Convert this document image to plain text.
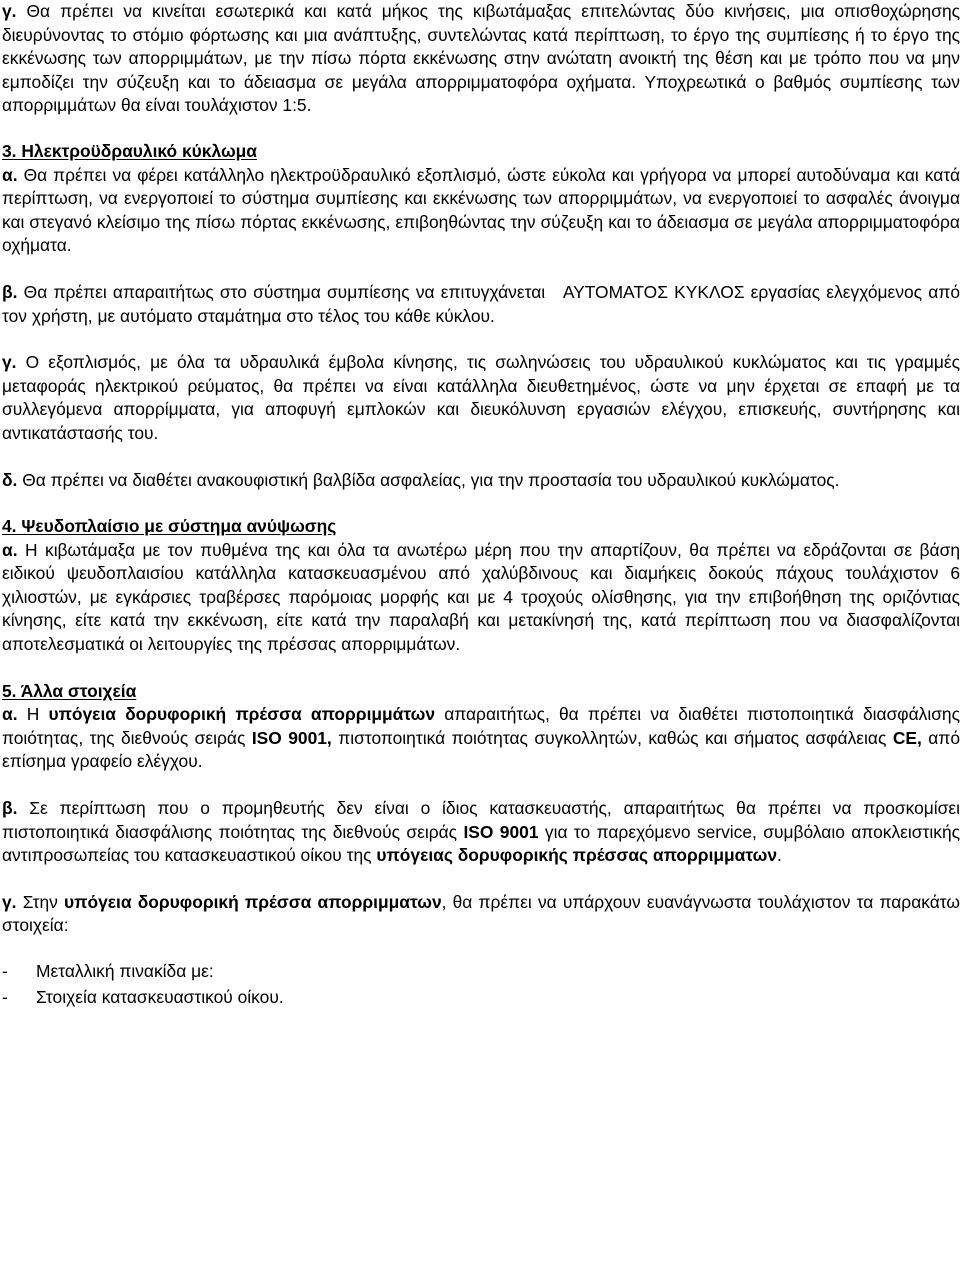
γ. Θα πρέπει να κινείται εσωτερικά και κατά μήκος της κιβωτάμαξας επιτελώντας δύο κινήσεις, μια οπισθοχώρησης διευρύνοντας το στόμιο φόρτωσης και μια ανάπτυξης, συντελώντας κατά περίπτωση, το έργο της συμπίεσης ή το έργο της εκκένωσης των απορριμμάτων, με την πίσω πόρτα εκκένωσης στην ανώτατη ανοικτή της θέση και με τρόπο που να μην εμποδίζει την σύζευξη και το άδειασμα σε μεγάλα απορριμματοφόρα οχήματα. Υποχρεωτικά ο βαθμός συμπίεσης των απορριμμάτων θα είναι τουλάχιστον 1:5.

3. Ηλεκτροϋδραυλικό κύκλωμα

α. Θα πρέπει να φέρει κατάλληλο ηλεκτροϋδραυλικό εξοπλισμό, ώστε εύκολα και γρήγορα να μπορεί αυτοδύναμα και κατά περίπτωση, να ενεργοποιεί το σύστημα συμπίεσης και εκκένωσης των απορριμμάτων, να ενεργοποιεί το ασφαλές άνοιγμα και στεγανό κλείσιμο της πίσω πόρτας εκκένωσης, επιβοηθώντας την σύζευξη και το άδειασμα σε μεγάλα απορριμματοφόρα οχήματα.

β. Θα πρέπει απαραιτήτως στο σύστημα συμπίεσης να επιτυγχάνεται   ΑΥΤΟΜΑΤΟΣ ΚΥΚΛΟΣ εργασίας ελεγχόμενος από τον χρήστη, με αυτόματο σταμάτημα στο τέλος του κάθε κύκλου.

γ. Ο εξοπλισμός, με όλα τα υδραυλικά έμβολα κίνησης, τις σωληνώσεις του υδραυλικού κυκλώματος και τις γραμμές μεταφοράς ηλεκτρικού ρεύματος, θα πρέπει να είναι κατάλληλα διευθετημένος, ώστε να μην έρχεται σε επαφή με τα συλλεγόμενα απορρίμματα, για αποφυγή εμπλοκών και διευκόλυνση εργασιών ελέγχου, επισκευής, συντήρησης και αντικατάστασής του.

δ. Θα πρέπει να διαθέτει ανακουφιστική βαλβίδα ασφαλείας, για την προστασία του υδραυλικού κυκλώματος.

4. Ψευδοπλαίσιο με σύστημα ανύψωσης

α. Η κιβωτάμαξα με τον πυθμένα της και όλα τα ανωτέρω μέρη που την απαρτίζουν, θα πρέπει να εδράζονται σε βάση ειδικού ψευδοπλαισίου κατάλληλα κατασκευασμένου από χαλύβδινους και διαμήκεις δοκούς πάχους τουλάχιστον 6 χιλιοστών, με εγκάρσιες τραβέρσες παρόμοιας μορφής και με 4 τροχούς ολίσθησης, για την επιβοήθηση της οριζόντιας κίνησης, είτε κατά την εκκένωση, είτε κατά την παραλαβή και μετακίνησή της, κατά περίπτωση που να διασφαλίζονται αποτελεσματικά οι λειτουργίες της πρέσσας απορριμμάτων.

5. Άλλα στοιχεία

α. Η υπόγεια δορυφορική πρέσσα απορριμμάτων απαραιτήτως, θα πρέπει να διαθέτει πιστοποιητικά διασφάλισης ποιότητας, της διεθνούς σειράς ISO 9001, πιστοποιητικά ποιότητας συγκολλητών, καθώς και σήματος ασφάλειας CE, από επίσημα γραφείο ελέγχου.

β. Σε περίπτωση που ο προμηθευτής δεν είναι ο ίδιος κατασκευαστής, απαραιτήτως θα πρέπει να προσκομίσει πιστοποιητικά διασφάλισης ποιότητας της διεθνούς σειράς ISO 9001 για το παρεχόμενο service, συμβόλαιο αποκλειστικής αντιπροσωπείας του κατασκευαστικού οίκου της υπόγειας δορυφορικής πρέσσας απορριμματων.

γ. Στην υπόγεια δορυφορική πρέσσα απορριμματων, θα πρέπει να υπάρχουν ευανάγνωστα τουλάχιστον τα παρακάτω στοιχεία:

-	Μεταλλική πινακίδα με:
-	Στοιχεία κατασκευαστικού οίκου.
